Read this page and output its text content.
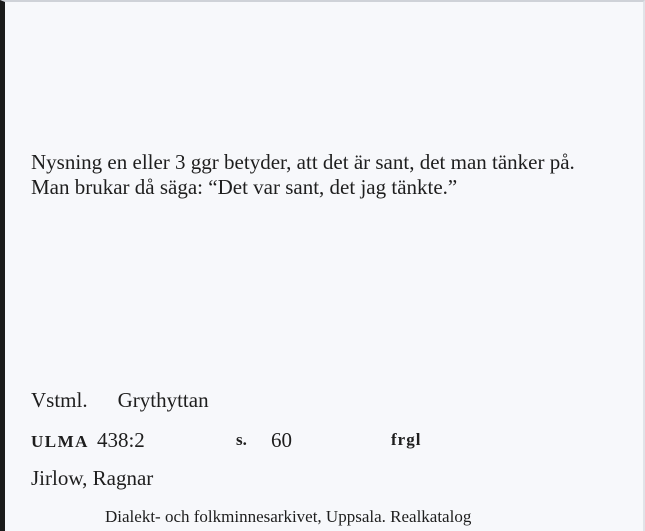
Nysning en eller 3 ggr betyder, att det är sant, det man tänker på. Man brukar då säga: “Det var sant, det jag tänkte.”

Vstml. Grythyttan
ULMA 438:2	s. 60	frgl
Jirlow, Ragnar
Dialekt- och folkminnesarkivet, Uppsala. Realkatalog
